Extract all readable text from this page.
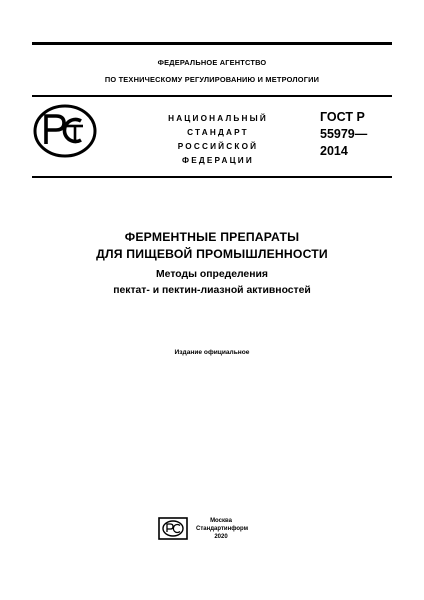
ФЕДЕРАЛЬНОЕ АГЕНТСТВО
ПО ТЕХНИЧЕСКОМУ РЕГУЛИРОВАНИЮ И МЕТРОЛОГИИ
НАЦИОНАЛЬНЫЙ
СТАНДАРТ
РОССИЙСКОЙ
ФЕДЕРАЦИИ
ГОСТ Р
55979—
2014
ФЕРМЕНТНЫЕ ПРЕПАРАТЫ
ДЛЯ ПИЩЕВОЙ ПРОМЫШЛЕННОСТИ
Методы определения
пектат- и пектин-лиазной активностей
Издание официальное
Москва
Стандартинформ
2020
